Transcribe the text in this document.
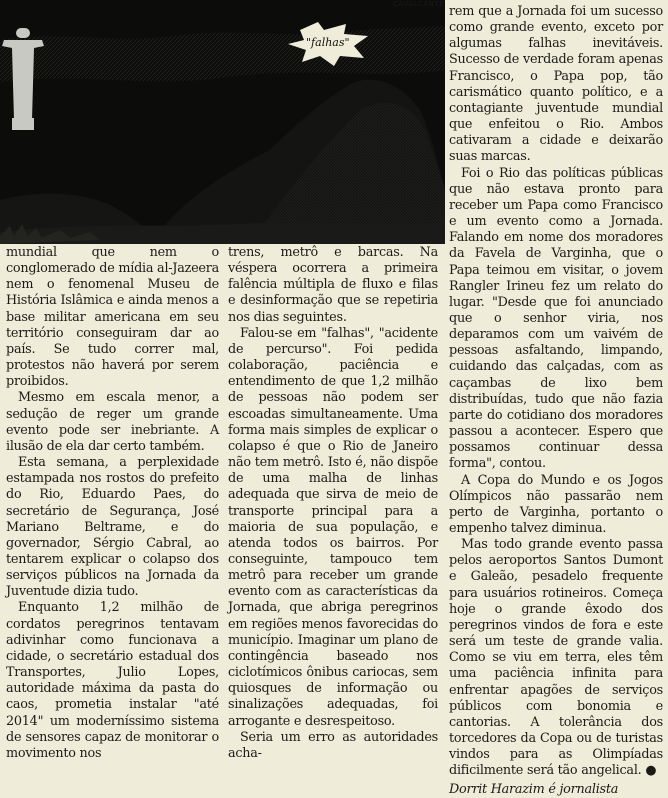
"falhas"
CAVALCANTE

mundial que nem o conglomerado de mídia al-Jazeera nem o fenomenal Museu de História Islâmica e ainda menos a base militar americana em seu território conseguiram dar ao país. Se tudo correr mal, protestos não haverá por serem proibidos.

Mesmo em escala menor, a sedução de reger um grande evento pode ser inebriante. A ilusão de ela dar certo também.

Esta semana, a perplexidade estampada nos rostos do prefeito do Rio, Eduardo Paes, do secretário de Segurança, José Mariano Beltrame, e do governador, Sérgio Cabral, ao tentarem explicar o colapso dos serviços públicos na Jornada da Juventude dizia tudo.

Enquanto 1,2 milhão de cordatos peregrinos tentavam adivinhar como funcionava a cidade, o secretário estadual dos Transportes, Julio Lopes, autoridade máxima da pasta do caos, prometia instalar "até 2014" um moderníssimo sistema de sensores capaz de monitorar o movimento nos

trens, metrô e barcas. Na véspera ocorrera a primeira falência múltipla de fluxo e filas e desinformação que se repetiria nos dias seguintes.

Falou-se em "falhas", "acidente de percurso". Foi pedida colaboração, paciência e entendimento de que 1,2 milhão de pessoas não podem ser escoadas simultaneamente. Uma forma mais simples de explicar o colapso é que o Rio de Janeiro não tem metrô. Isto é, não dispõe de uma malha de linhas adequada que sirva de meio de transporte principal para a maioria de sua população, e atenda todos os bairros. Por conseguinte, tampouco tem metrô para receber um grande evento com as características da Jornada, que abriga peregrinos em regiões menos favorecidas do município. Imaginar um plano de contingência baseado nos ciclotímicos ônibus cariocas, sem quiosques de informação ou sinalizações adequadas, foi arrogante e desrespeitoso.

Seria um erro as autoridades acha-

rem que a Jornada foi um sucesso como grande evento, exceto por algumas falhas inevitáveis. Sucesso de verdade foram apenas Francisco, o Papa pop, tão carismático quanto político, e a contagiante juventude mundial que enfeitou o Rio. Ambos cativaram a cidade e deixarão suas marcas.

Foi o Rio das políticas públicas que não estava pronto para receber um Papa como Francisco e um evento como a Jornada. Falando em nome dos moradores da Favela de Varginha, que o Papa teimou em visitar, o jovem Rangler Irineu fez um relato do lugar. "Desde que foi anunciado que o senhor viria, nos deparamos com um vaivém de pessoas asfaltando, limpando, cuidando das calçadas, com as caçambas de lixo bem distribuídas, tudo que não fazia parte do cotidiano dos moradores passou a acontecer. Espero que possamos continuar dessa forma", contou.

A Copa do Mundo e os Jogos Olímpicos não passarão nem perto de Varginha, portanto o empenho talvez diminua.

Mas todo grande evento passa pelos aeroportos Santos Dumont e Galeão, pesadelo frequente para usuários rotineiros. Começa hoje o grande êxodo dos peregrinos vindos de fora e este será um teste de grande valia. Como se viu em terra, eles têm uma paciência infinita para enfrentar apagões de serviços públicos com bonomia e cantorias. A tolerância dos torcedores da Copa ou de turistas vindos para as Olimpíadas dificilmente será tão angelical. ●

Dorrit Harazim é jornalista
